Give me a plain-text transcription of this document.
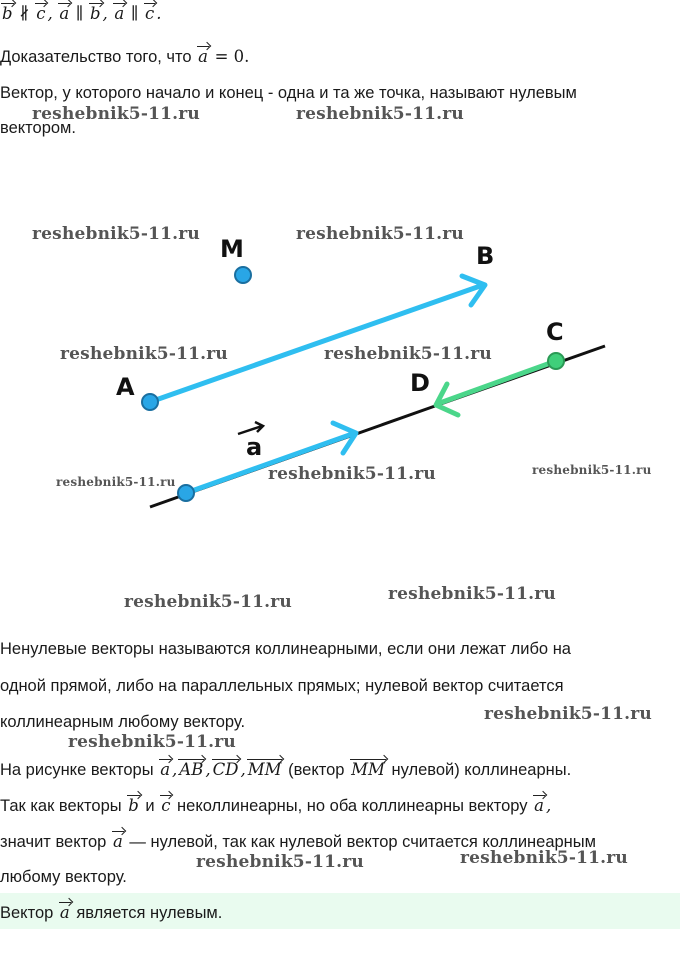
b ∦ c , a ∥ b , a ∥ c .
Доказательство того, что a = 0.
Вектор, у которого начало и конец - одна и та же точка, называют нулевым
вектором.
M	B
A
C
D
a
Ненулевые векторы называются коллинеарными, если они лежат либо на
одной прямой, либо на параллельных прямых; нулевой вектор считается
коллинеарным любому вектору.
На рисунке векторы a , AB , CD , MM (вектор MM нулевой) коллинеарны.
Так как векторы b и c неколлинеарны, но оба коллинеарны вектору a ,
значит вектор a — нулевой, так как нулевой вектор считается коллинеарным
любому вектору.
Вектор a является нулевым.
reshebnik5-11.ru	reshebnik5-11.ru
reshebnik5-11.ru	reshebnik5-11.ru
reshebnik5-11.ru	reshebnik5-11.ru
reshebnik5-11.ru	reshebnik5-11.ru	reshebnik5-11.ru
reshebnik5-11.ru	reshebnik5-11.ru
reshebnik5-11.ru
reshebnik5-11.ru
reshebnik5-11.ru	reshebnik5-11.ru
